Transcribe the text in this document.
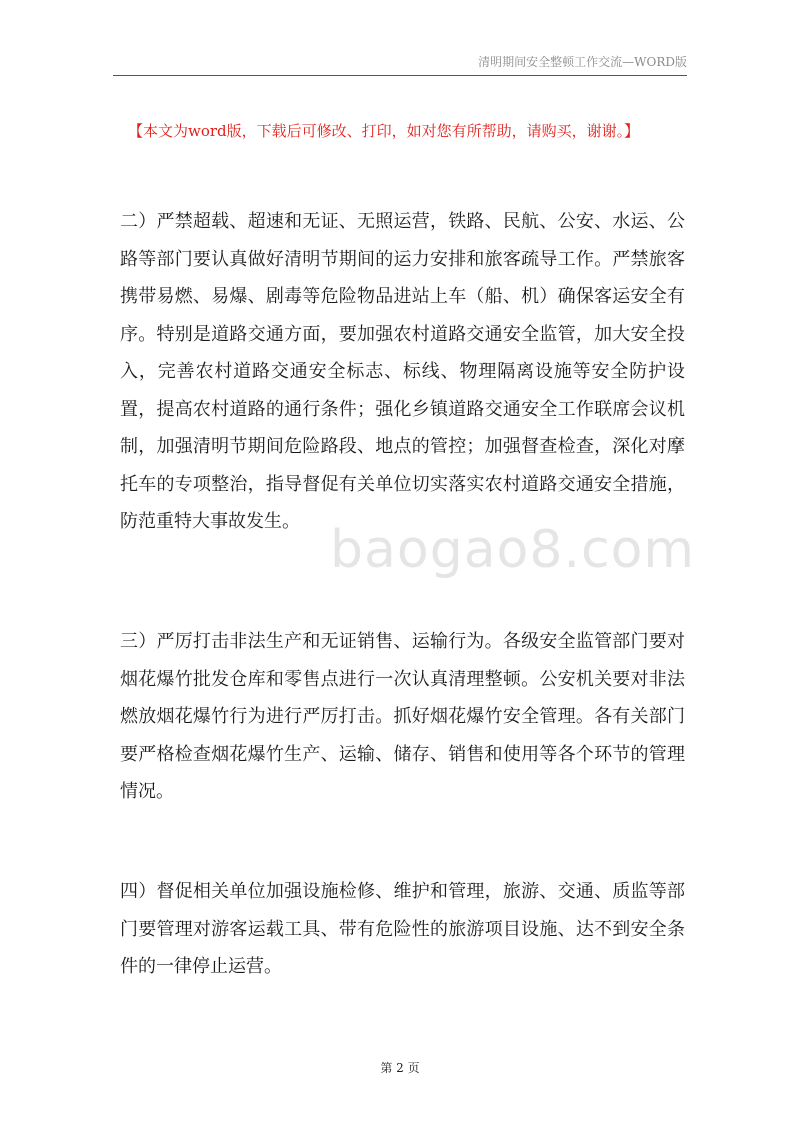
清明期间安全整顿工作交流—WORD版
【本文为word版，下载后可修改、打印，如对您有所帮助，请购买，谢谢。】
二）严禁超载、超速和无证、无照运营，铁路、民航、公安、水运、公路等部门要认真做好清明节期间的运力安排和旅客疏导工作。严禁旅客携带易燃、易爆、剧毒等危险物品进站上车（船、机）确保客运安全有序。特别是道路交通方面，要加强农村道路交通安全监管，加大安全投入，完善农村道路交通安全标志、标线、物理隔离设施等安全防护设置，提高农村道路的通行条件；强化乡镇道路交通安全工作联席会议机制，加强清明节期间危险路段、地点的管控；加强督查检查，深化对摩托车的专项整治，指导督促有关单位切实落实农村道路交通安全措施，防范重特大事故发生。
三）严厉打击非法生产和无证销售、运输行为。各级安全监管部门要对烟花爆竹批发仓库和零售点进行一次认真清理整顿。公安机关要对非法燃放烟花爆竹行为进行严厉打击。抓好烟花爆竹安全管理。各有关部门要严格检查烟花爆竹生产、运输、储存、销售和使用等各个环节的管理情况。
四）督促相关单位加强设施检修、维护和管理，旅游、交通、质监等部门要管理对游客运载工具、带有危险性的旅游项目设施、达不到安全条件的一律停止运营。
baogao8.com
第 2 页
